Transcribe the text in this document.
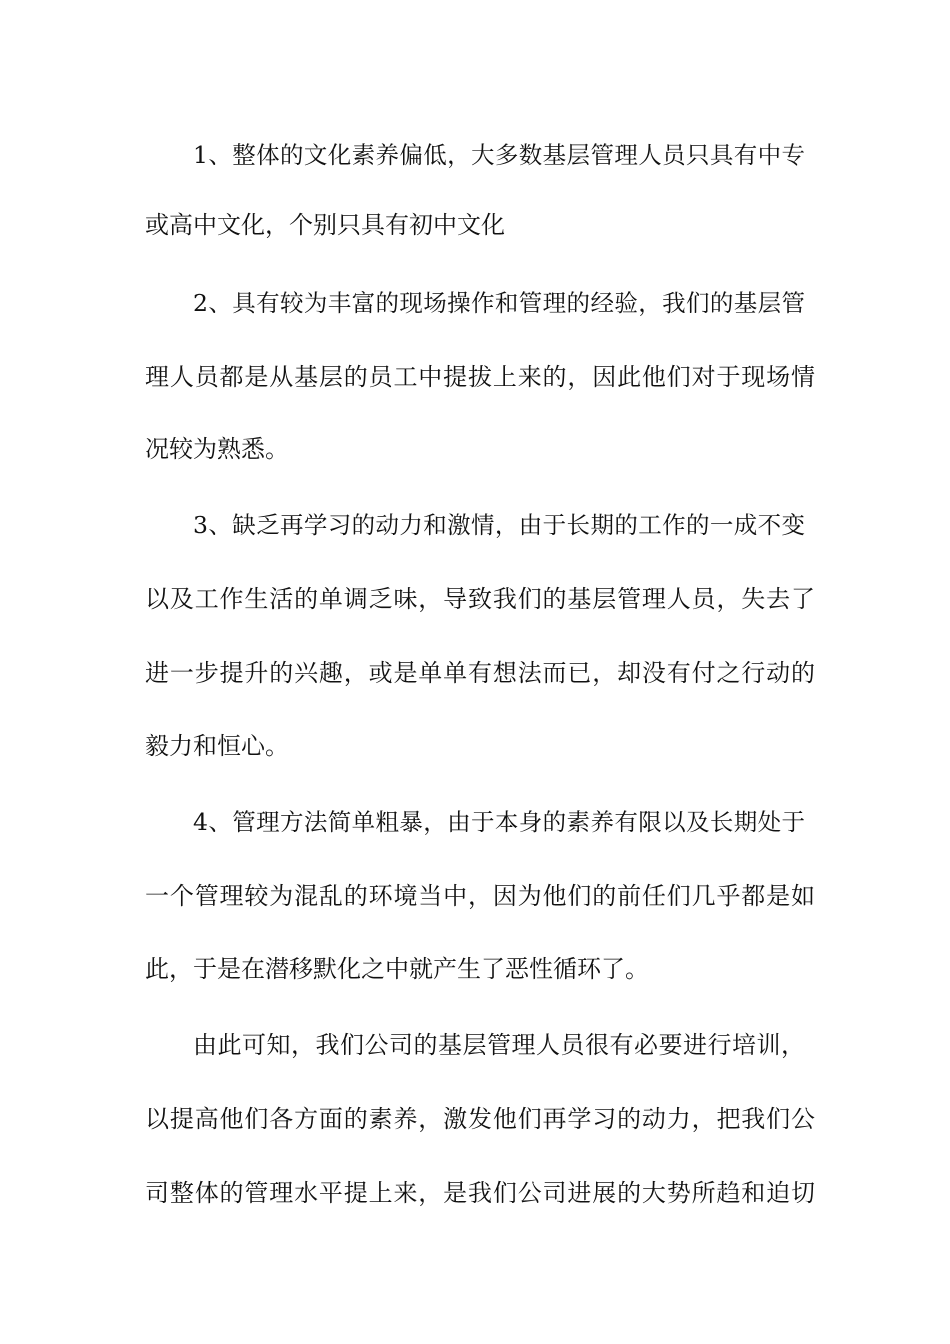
1、整体的文化素养偏低，大多数基层管理人员只具有中专

或高中文化，个别只具有初中文化

2、具有较为丰富的现场操作和管理的经验，我们的基层管

理人员都是从基层的员工中提拔上来的，因此他们对于现场情

况较为熟悉。

3、缺乏再学习的动力和激情，由于长期的工作的一成不变

以及工作生活的单调乏味，导致我们的基层管理人员，失去了

进一步提升的兴趣，或是单单有想法而已，却没有付之行动的

毅力和恒心。

4、管理方法简单粗暴，由于本身的素养有限以及长期处于

一个管理较为混乱的环境当中，因为他们的前任们几乎都是如

此，于是在潜移默化之中就产生了恶性循环了。

由此可知，我们公司的基层管理人员很有必要进行培训，

以提高他们各方面的素养，激发他们再学习的动力，把我们公

司整体的管理水平提上来，是我们公司进展的大势所趋和迫切
